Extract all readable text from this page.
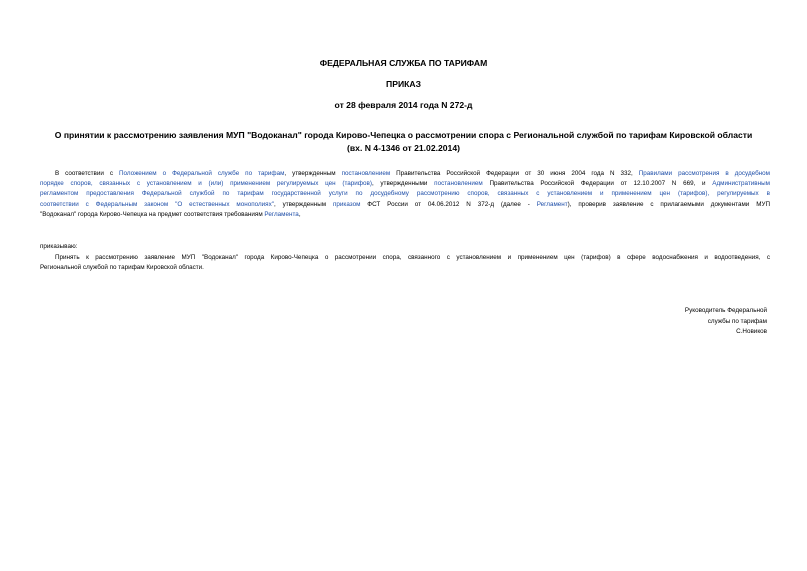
ФЕДЕРАЛЬНАЯ СЛУЖБА ПО ТАРИФАМ
ПРИКАЗ
от 28 февраля 2014 года N 272-д
О принятии к рассмотрению заявления МУП "Водоканал" города Кирово-Чепецка о рассмотрении спора с Региональной службой по тарифам Кировской области
(вх. N 4-1346 от 21.02.2014)
В соответствии с Положением о Федеральной службе по тарифам, утвержденным постановлением Правительства Российской Федерации от 30 июня 2004 года N 332, Правилами рассмотрения в досудебном
порядке споров, связанных с установлением и (или) применением регулируемых цен (тарифов), утвержденными постановлением Правительства Российской Федерации от 12.10.2007 N 669, и Административным
регламентом предоставления Федеральной службой по тарифам государственной услуги по досудебному рассмотрению споров, связанных с установлением и применением цен (тарифов), регулируемых в
соответствии с Федеральным законом "О естественных монополиях", утвержденным приказом ФСТ России от 04.06.2012 N 372-д (далее - Регламент), проверив заявление с прилагаемыми документами МУП
"Водоканал" города Кирово-Чепецка на предмет соответствия требованиям Регламента,
приказываю:
Принять к рассмотрению заявление МУП "Водоканал" города Кирово-Чепецка о рассмотрении спора, связанного с установлением и применением цен (тарифов) в сфере водоснабжения и водоотведения, с
Региональной службой по тарифам Кировской области.
Руководитель Федеральной
службы по тарифам
С.Новиков
